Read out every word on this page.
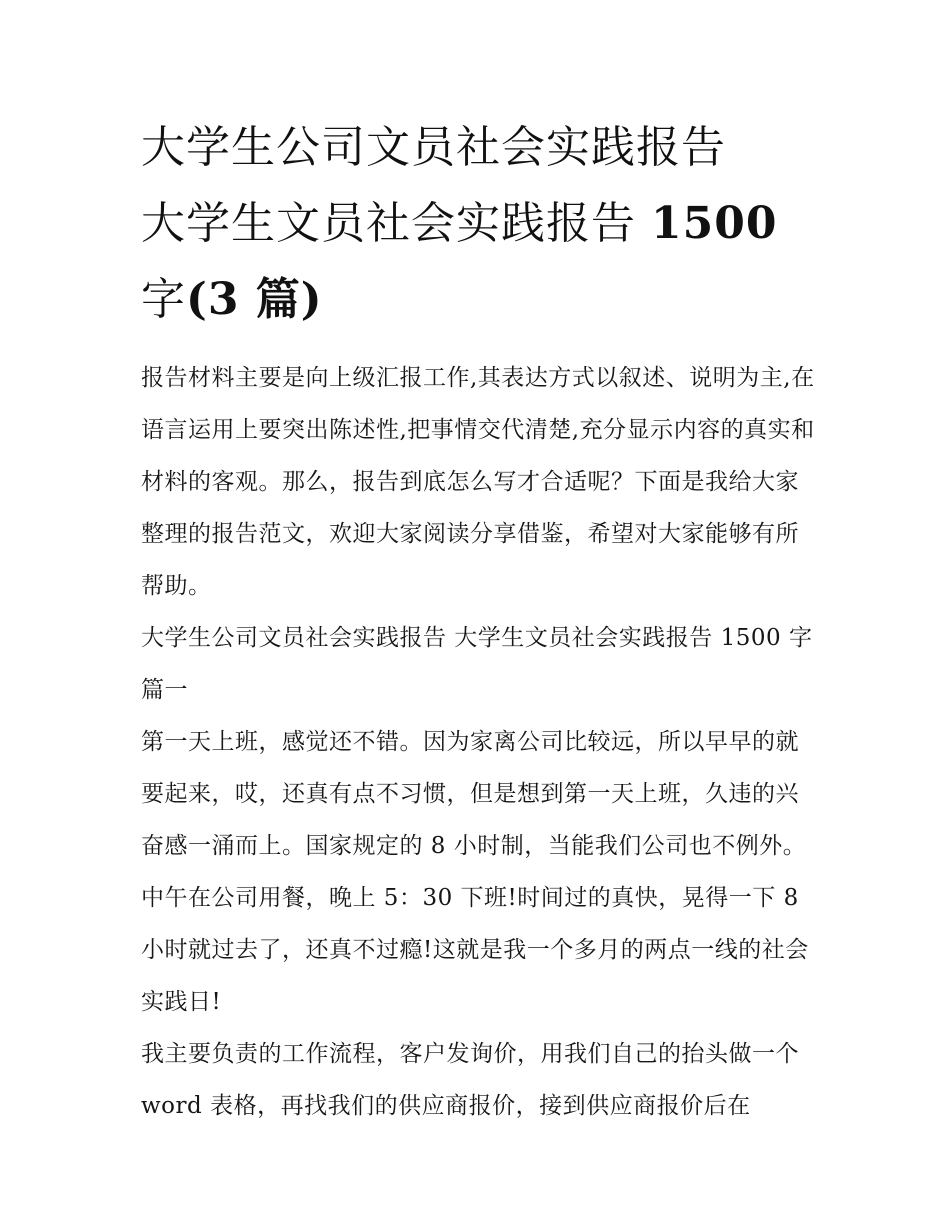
大学生公司文员社会实践报告
大学生文员社会实践报告 1500
字(3 篇)

报告材料主要是向上级汇报工作,其表达方式以叙述、说明为主,在语言运用上要突出陈述性,把事情交代清楚,充分显示内容的真实和材料的客观。那么，报告到底怎么写才合适呢？下面是我给大家整理的报告范文，欢迎大家阅读分享借鉴，希望对大家能够有所帮助。

大学生公司文员社会实践报告 大学生文员社会实践报告 1500 字篇一

第一天上班，感觉还不错。因为家离公司比较远，所以早早的就要起来，哎，还真有点不习惯，但是想到第一天上班，久违的兴奋感一涌而上。国家规定的 8 小时制，当能我们公司也不例外。中午在公司用餐，晚上 5：30 下班!时间过的真快，晃得一下 8 小时就过去了，还真不过瘾!这就是我一个多月的两点一线的社会实践日!

我主要负责的工作流程，客户发询价，用我们自己的抬头做一个 word 表格，再找我们的供应商报价，接到供应商报价后在
